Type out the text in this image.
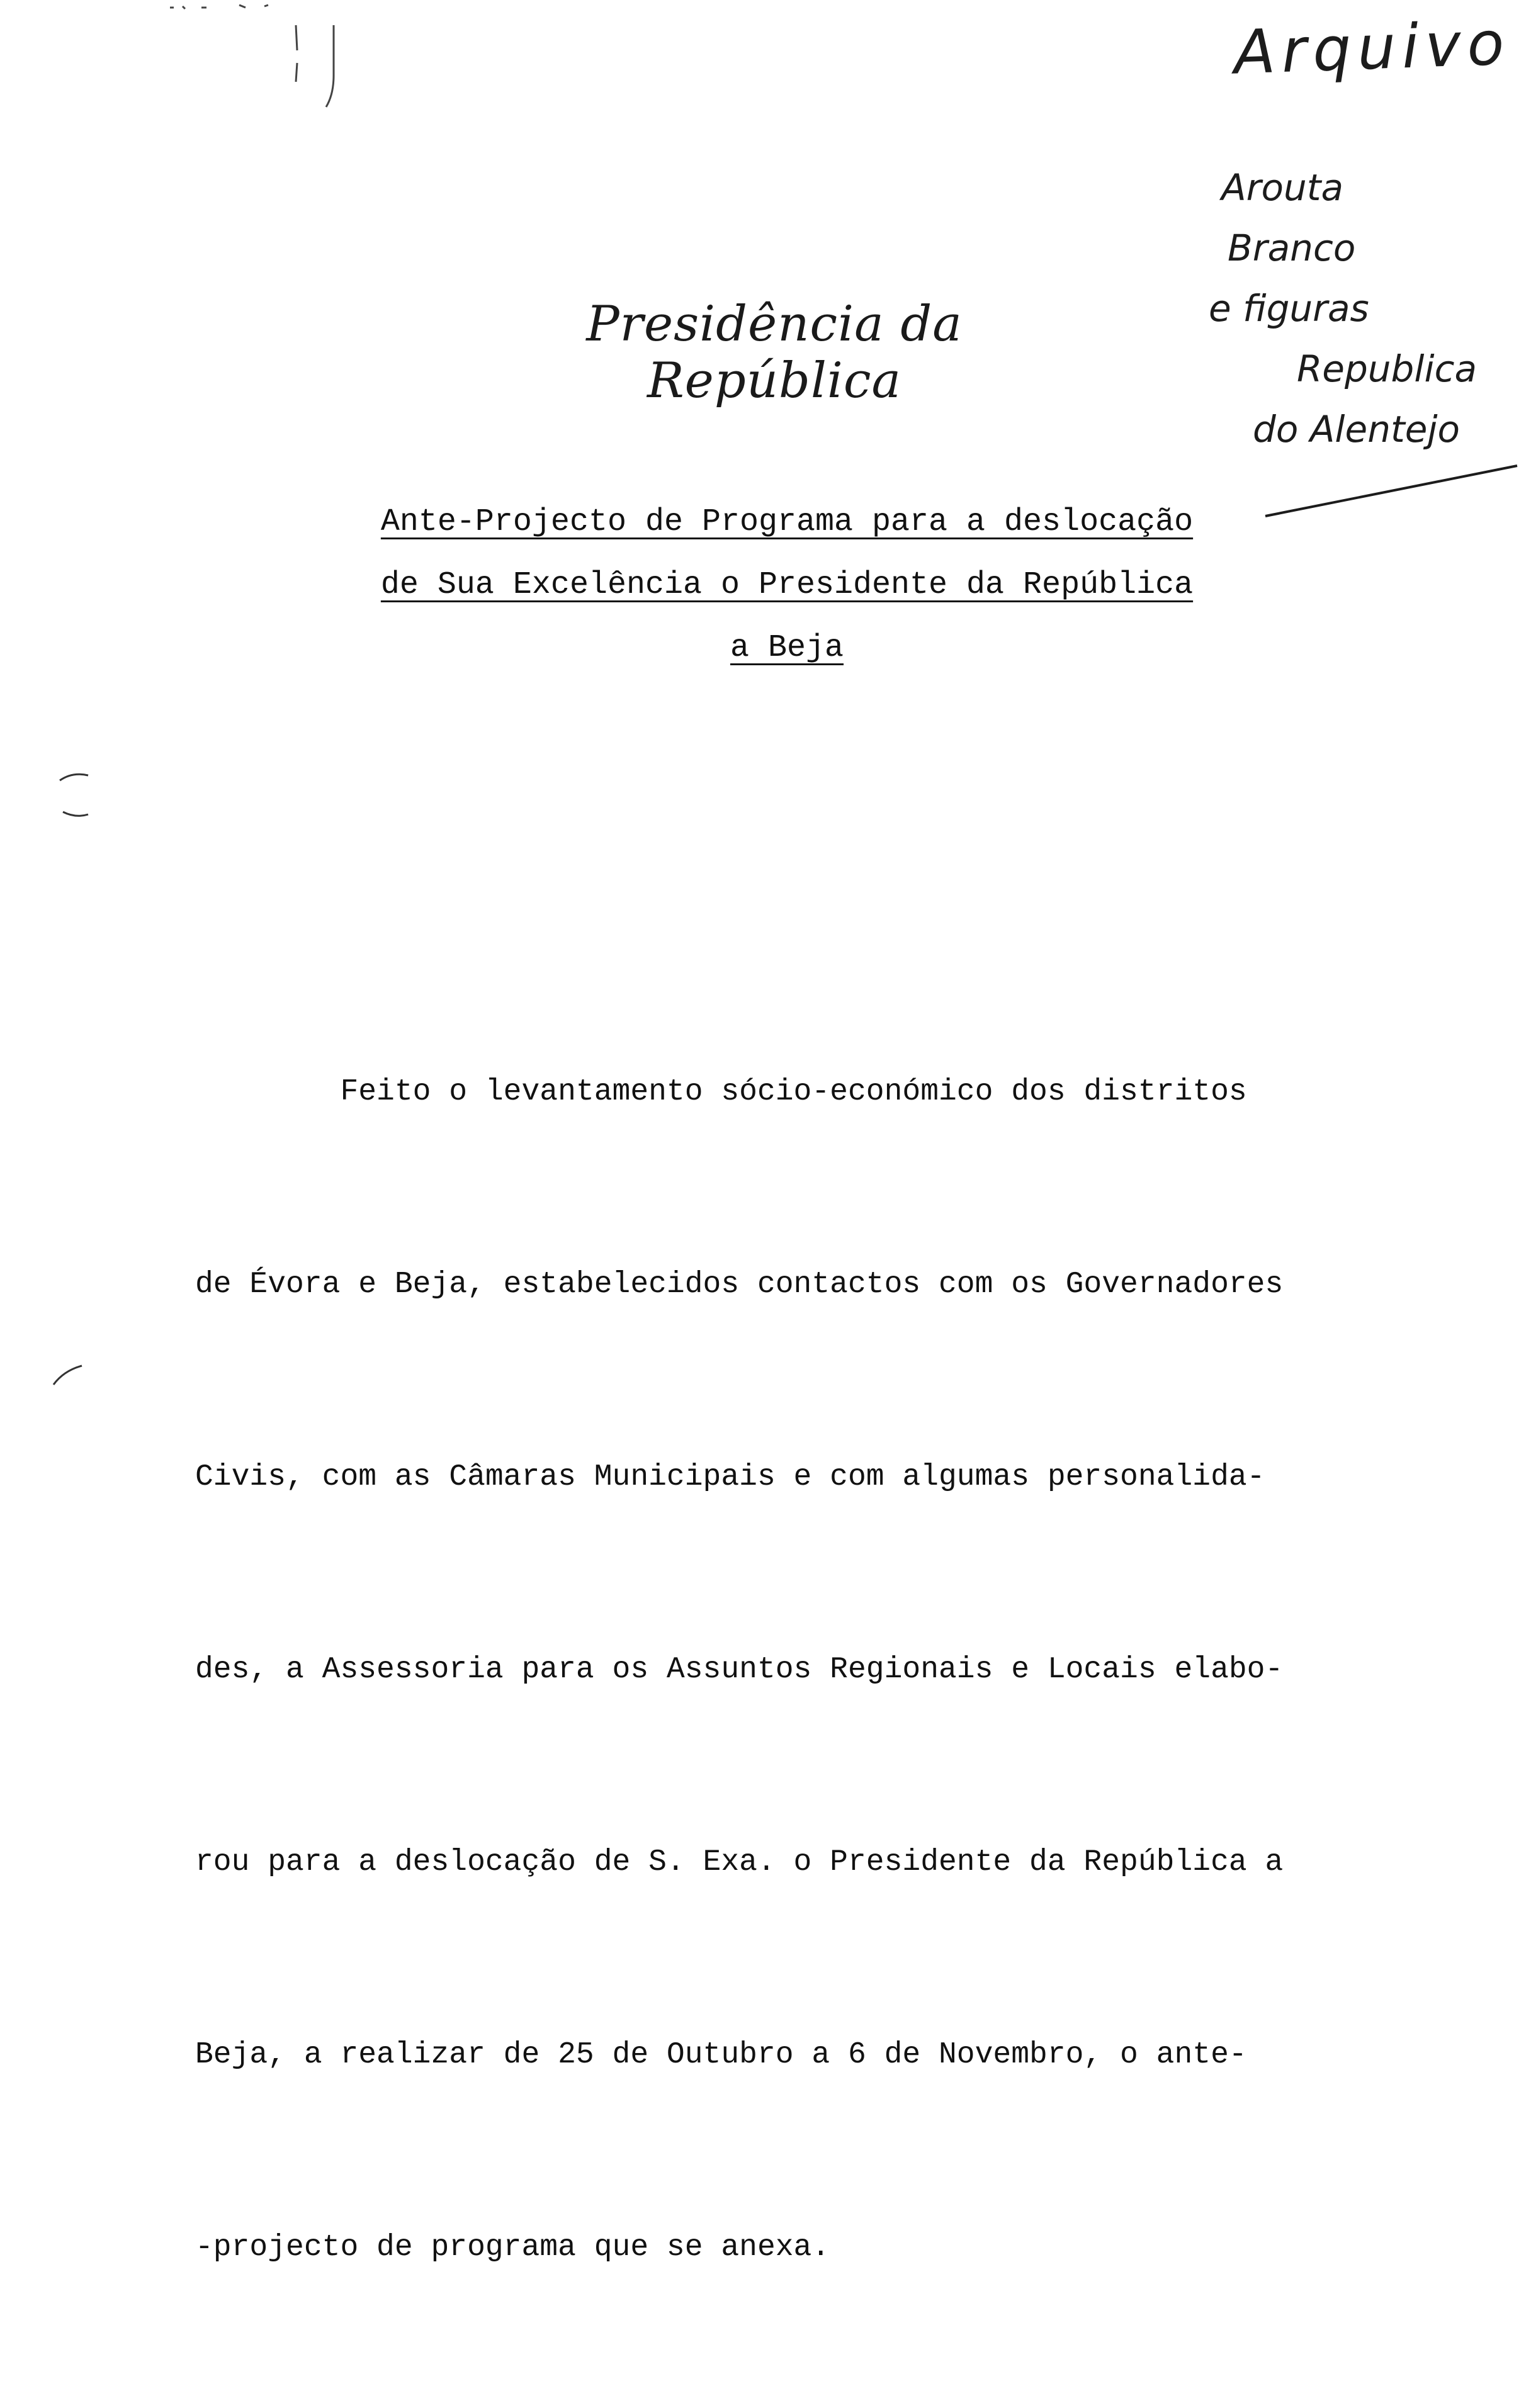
Presidência da República
Ante-Projecto de Programa para a deslocação
de Sua Excelência o Presidente da República
a Beja

Feito o levantamento sócio-económico dos distritos

de Évora e Beja, estabelecidos contactos com os Governadores

Civis, com as Câmaras Municipais e com algumas personalida-

des, a Assessoria para os Assuntos Regionais e Locais elabo-

rou para a deslocação de S. Exa. o Presidente da República a

Beja, a realizar de 25 de Outubro a 6 de Novembro, o ante-

-projecto de programa que se anexa.

Arquivo
Arouta
Branco
e figuras
Republica
do Alentejo
